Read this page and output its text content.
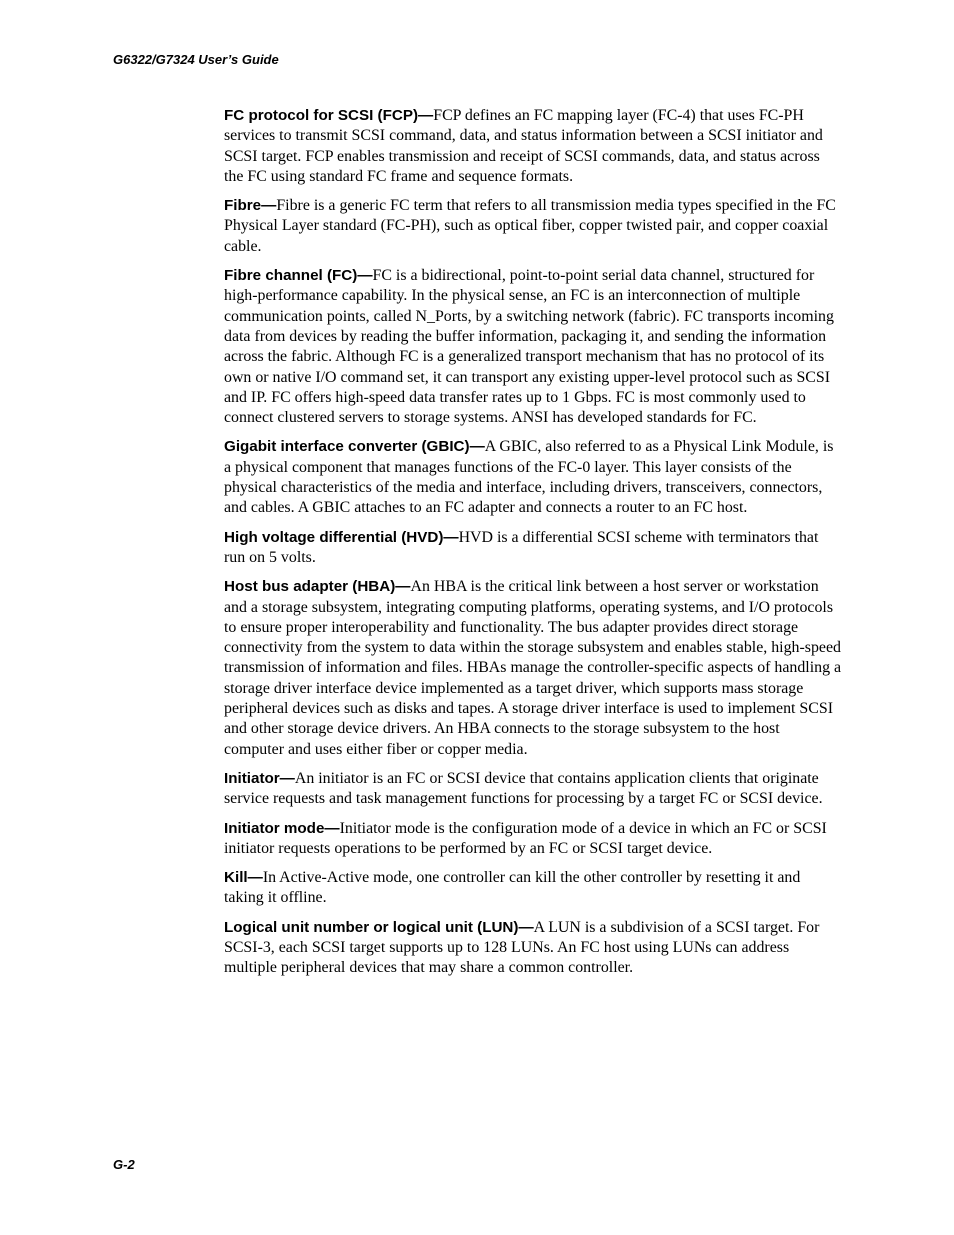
G6322/G7324 User’s Guide

FC protocol for SCSI (FCP)—FCP defines an FC mapping layer (FC-4) that uses FC-PH services to transmit SCSI command, data, and status information between a SCSI initiator and SCSI target. FCP enables transmission and receipt of SCSI commands, data, and status across the FC using standard FC frame and sequence formats.

Fibre—Fibre is a generic FC term that refers to all transmission media types specified in the FC Physical Layer standard (FC-PH), such as optical fiber, copper twisted pair, and copper coaxial cable.

Fibre channel (FC)—FC is a bidirectional, point-to-point serial data channel, structured for high-performance capability. In the physical sense, an FC is an interconnection of multiple communication points, called N_Ports, by a switching network (fabric). FC transports incoming data from devices by reading the buffer information, packaging it, and sending the information across the fabric. Although FC is a generalized transport mechanism that has no protocol of its own or native I/O command set, it can transport any existing upper-level protocol such as SCSI and IP. FC offers high-speed data transfer rates up to 1 Gbps. FC is most commonly used to connect clustered servers to storage systems. ANSI has developed standards for FC.

Gigabit interface converter (GBIC)—A GBIC, also referred to as a Physical Link Module, is a physical component that manages functions of the FC-0 layer. This layer consists of the physical characteristics of the media and interface, including drivers, transceivers, connectors, and cables. A GBIC attaches to an FC adapter and connects a router to an FC host.

High voltage differential (HVD)—HVD is a differential SCSI scheme with terminators that run on 5 volts.

Host bus adapter (HBA)—An HBA is the critical link between a host server or workstation and a storage subsystem, integrating computing platforms, operating systems, and I/O protocols to ensure proper interoperability and functionality. The bus adapter provides direct storage connectivity from the system to data within the storage subsystem and enables stable, high-speed transmission of information and files. HBAs manage the controller-specific aspects of handling a storage driver interface device implemented as a target driver, which supports mass storage peripheral devices such as disks and tapes. A storage driver interface is used to implement SCSI and other storage device drivers. An HBA connects to the storage subsystem to the host computer and uses either fiber or copper media.

Initiator—An initiator is an FC or SCSI device that contains application clients that originate service requests and task management functions for processing by a target FC or SCSI device.

Initiator mode—Initiator mode is the configuration mode of a device in which an FC or SCSI initiator requests operations to be performed by an FC or SCSI target device.

Kill—In Active-Active mode, one controller can kill the other controller by resetting it and taking it offline.

Logical unit number or logical unit (LUN)—A LUN is a subdivision of a SCSI target. For SCSI-3, each SCSI target supports up to 128 LUNs. An FC host using LUNs can address multiple peripheral devices that may share a common controller.

G-2
